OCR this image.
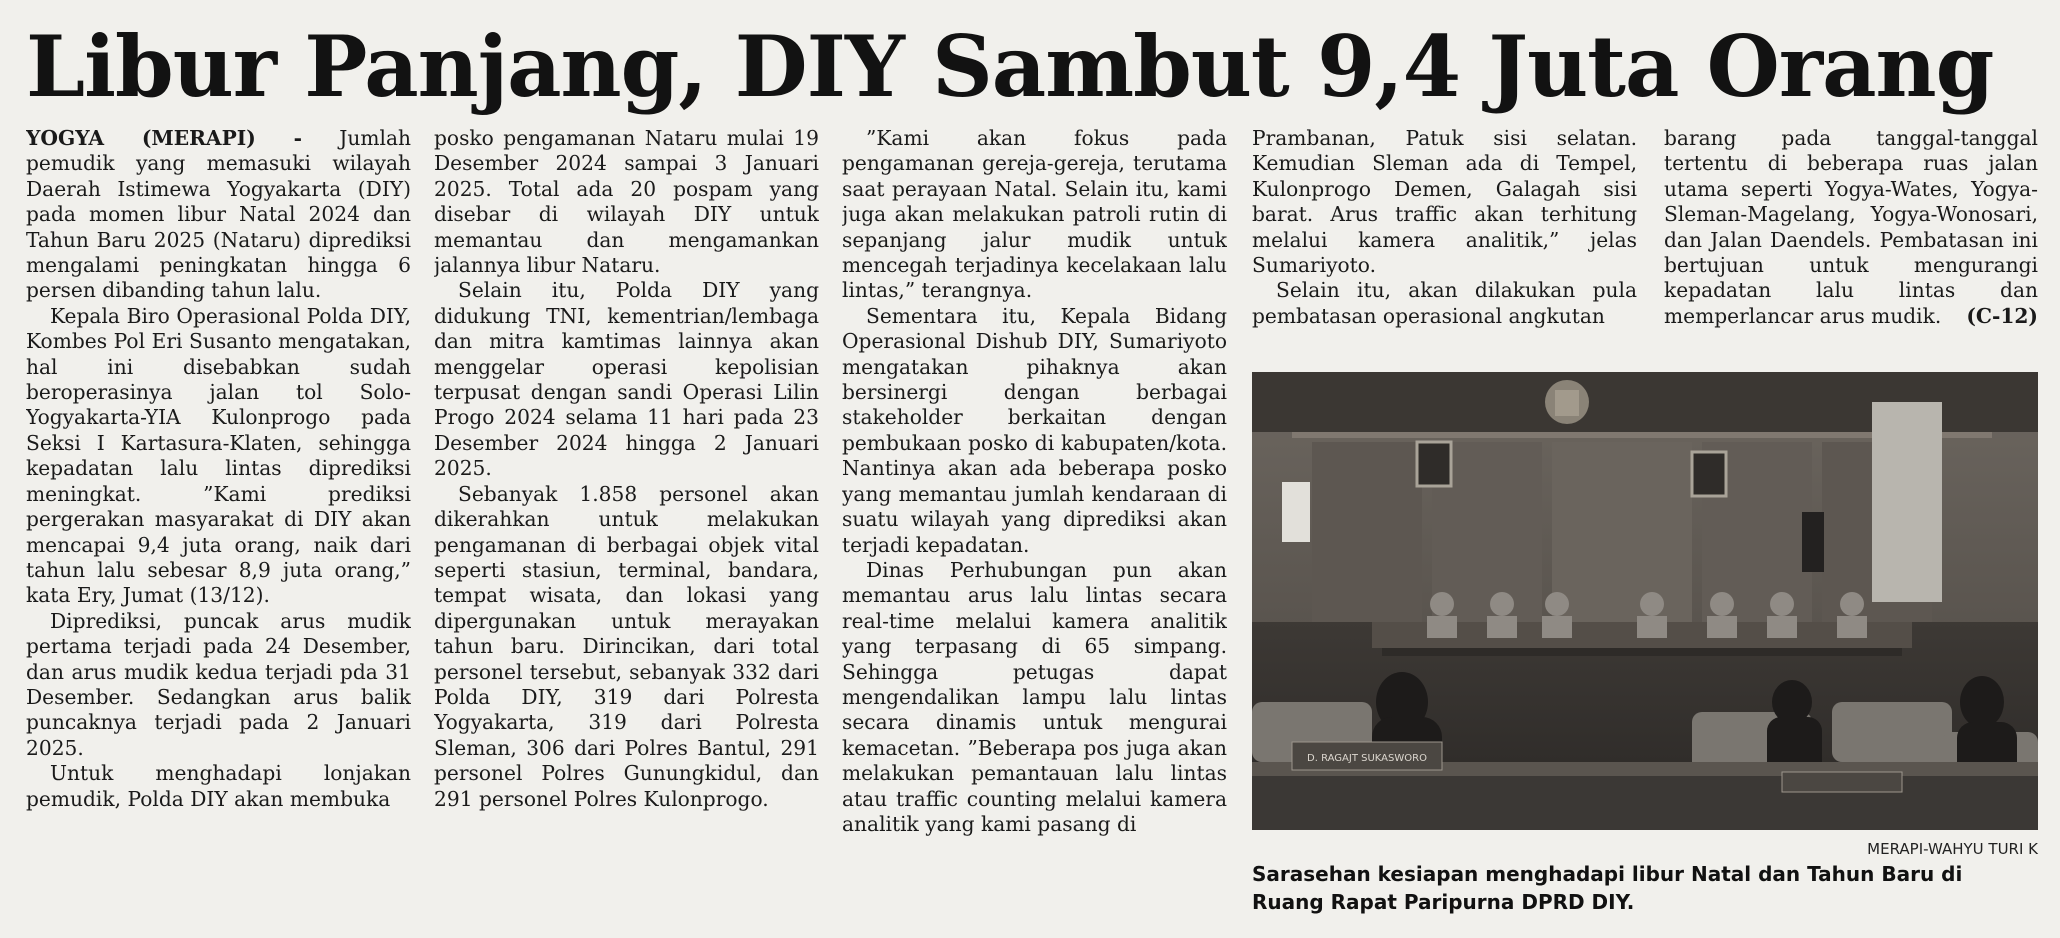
Libur Panjang, DIY Sambut 9,4 Juta Orang

YOGYA (MERAPI) - Jumlah pemudik yang memasuki wilayah Daerah Istimewa Yogyakarta (DIY) pada momen libur Natal 2024 dan Tahun Baru 2025 (Nataru) diprediksi mengalami peningkatan hingga 6 persen dibanding tahun lalu.

Kepala Biro Operasional Polda DIY, Kombes Pol Eri Susanto mengatakan, hal ini disebabkan sudah beroperasinya jalan tol Solo-Yogyakarta-YIA Kulonprogo pada Seksi I Kartasura-Klaten, sehingga kepadatan lalu lintas diprediksi meningkat. ”Kami prediksi pergerakan masyarakat di DIY akan mencapai 9,4 juta orang, naik dari tahun lalu sebesar 8,9 juta orang,” kata Ery, Jumat (13/12).

Diprediksi, puncak arus mudik pertama terjadi pada 24 Desember, dan arus mudik kedua terjadi pda 31 Desember. Sedangkan arus balik puncaknya terjadi pada 2 Januari 2025.

Untuk menghadapi lonjakan pemudik, Polda DIY akan membuka

posko pengamanan Nataru mulai 19 Desember 2024 sampai 3 Januari 2025. Total ada 20 pospam yang disebar di wilayah DIY untuk memantau dan mengamankan jalannya libur Nataru.

Selain itu, Polda DIY yang didukung TNI, kementrian/lembaga dan mitra kamtimas lainnya akan menggelar operasi kepolisian terpusat dengan sandi Operasi Lilin Progo 2024 selama 11 hari pada 23 Desember 2024 hingga 2 Januari 2025.

Sebanyak 1.858 personel akan dikerahkan untuk melakukan pengamanan di berbagai objek vital seperti stasiun, terminal, bandara, tempat wisata, dan lokasi yang dipergunakan untuk merayakan tahun baru. Dirincikan, dari total personel tersebut, sebanyak 332 dari Polda DIY, 319 dari Polresta Yogyakarta, 319 dari Polresta Sleman, 306 dari Polres Bantul, 291 personel Polres Gunungkidul, dan 291 personel Polres Kulonprogo.

”Kami akan fokus pada pengamanan gereja-gereja, terutama saat perayaan Natal. Selain itu, kami juga akan melakukan patroli rutin di sepanjang jalur mudik untuk mencegah terjadinya kecelakaan lalu lintas,” terangnya.

Sementara itu, Kepala Bidang Operasional Dishub DIY, Sumariyoto mengatakan pihaknya akan bersinergi dengan berbagai stakeholder berkaitan dengan pembukaan posko di kabupaten/kota. Nantinya akan ada beberapa posko yang memantau jumlah kendaraan di suatu wilayah yang diprediksi akan terjadi kepadatan.

Dinas Perhubungan pun akan memantau arus lalu lintas secara real-time melalui kamera analitik yang terpasang di 65 simpang. Sehingga petugas dapat mengendalikan lampu lalu lintas secara dinamis untuk mengurai kemacetan. ”Beberapa pos juga akan melakukan pemantauan lalu lintas atau traffic counting melalui kamera analitik yang kami pasang di

Prambanan, Patuk sisi selatan. Kemudian Sleman ada di Tempel, Kulonprogo Demen, Galagah sisi barat. Arus traffic akan terhitung melalui kamera analitik,” jelas Sumariyoto.

Selain itu, akan dilakukan pula pembatasan operasional angkutan

barang pada tanggal-tanggal tertentu di beberapa ruas jalan utama seperti Yogya-Wates, Yogya-Sleman-Magelang, Yogya-Wonosari, dan Jalan Daendels. Pembatasan ini bertujuan untuk mengurangi kepadatan lalu lintas dan memperlancar arus mudik. (C-12)

D. RAGAJT SUKASWORO
MERAPI-WAHYU TURI K
Sarasehan kesiapan menghadapi libur Natal dan Tahun Baru di Ruang Rapat Paripurna DPRD DIY.
